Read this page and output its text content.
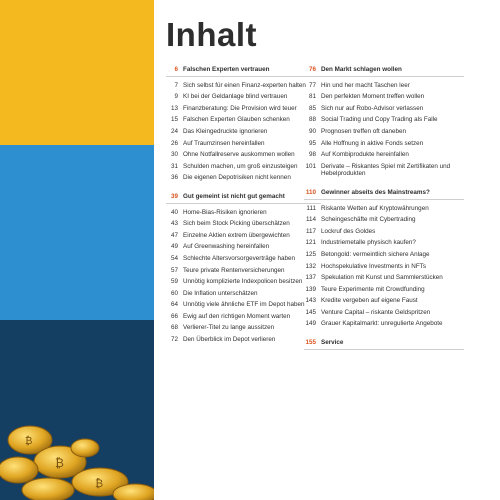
₿
₿
₿
Inhalt
6 Falschen Experten vertrauen
7 Sich selbst für einen Finanz-experten halten
9 KI bei der Geldanlage blind vertrauen
13 Finanzberatung: Die Provision wird teuer
15 Falschen Experten Glauben schenken
24 Das Kleingedruckte ignorieren
26 Auf Traumzinsen hereinfallen
30 Ohne Notfallreserve auskommen wollen
31 Schulden machen, um groß einzusteigen
36 Die eigenen Depotrisiken nicht kennen
39 Gut gemeint ist nicht gut gemacht
40 Home-Bias-Risiken ignorieren
43 Sich beim Stock Picking überschätzen
47 Einzelne Aktien extrem übergewichten
49 Auf Greenwashing hereinfallen
54 Schlechte Altersvorsorgeverträge haben
57 Teure private Rentenversicherungen
59 Unnötig komplizierte Indexpolicen besitzen
60 Die Inflation unterschätzen
64 Unnötig viele ähnliche ETF im Depot haben
66 Ewig auf den richtigen Moment warten
68 Verlierer-Titel zu lange aussitzen
72 Den Überblick im Depot verlieren
76 Den Markt schlagen wollen
77 Hin und her macht Taschen leer
81 Den perfekten Moment treffen wollen
85 Sich nur auf Robo-Advisor verlassen
88 Social Trading und Copy Trading als Falle
90 Prognosen treffen oft daneben
95 Alle Hoffnung in aktive Fonds setzen
98 Auf Kombiprodukte hereinfallen
101 Derivate – Riskantes Spiel mit Zertifikaten und Hebelprodukten
110 Gewinner abseits des Mainstreams?
111 Riskante Wetten auf Kryptowährungen
114 Scheingeschäfte mit Cybertrading
117 Lockruf des Goldes
121 Industriemetalle physisch kaufen?
125 Betongold: vermeintlich sichere Anlage
132 Hochspekulative Investments in NFTs
137 Spekulation mit Kunst und Sammlerstücken
139 Teure Experimente mit Crowdfunding
143 Kredite vergeben auf eigene Faust
145 Venture Capital – riskante Geldspritzen
149 Grauer Kapitalmarkt: unregulierte Angebote
155 Service
